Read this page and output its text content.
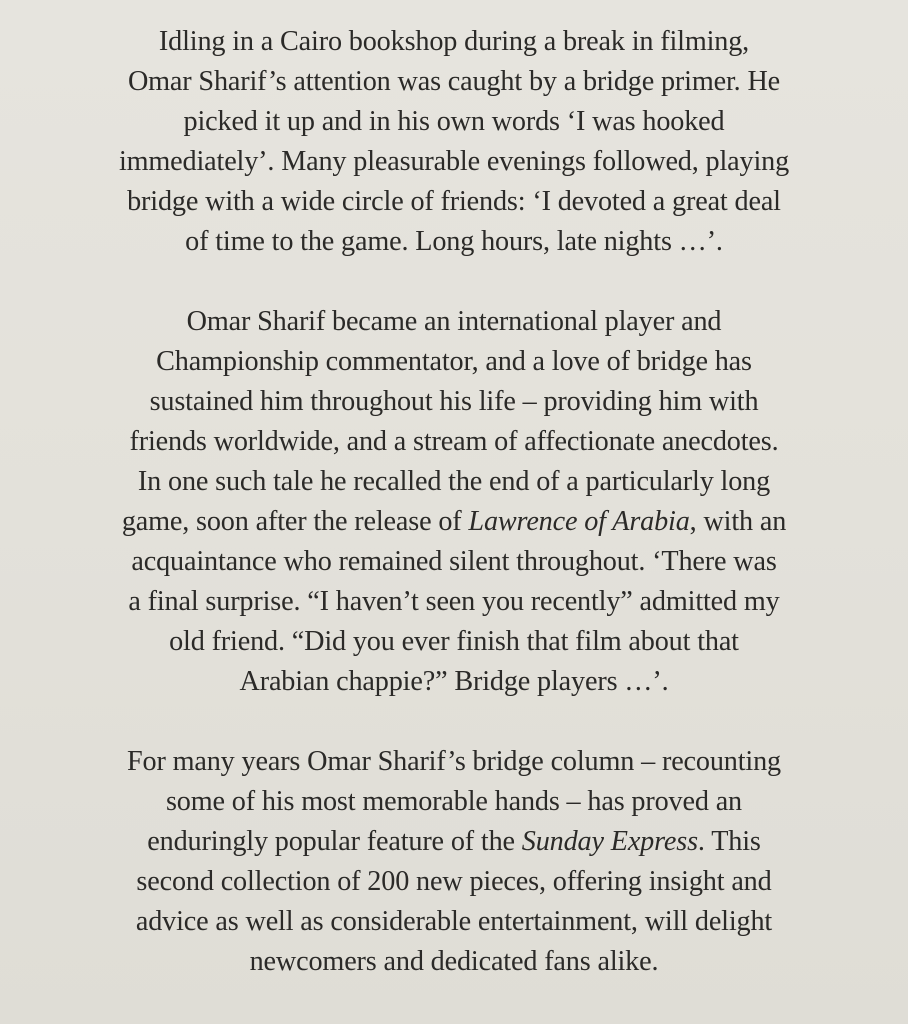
Idling in a Cairo bookshop during a break in filming,
Omar Sharif’s attention was caught by a bridge primer. He
picked it up and in his own words ‘I was hooked
immediately’. Many pleasurable evenings followed, playing
bridge with a wide circle of friends: ‘I devoted a great deal
of time to the game. Long hours, late nights …’.

Omar Sharif became an international player and
Championship commentator, and a love of bridge has
sustained him throughout his life – providing him with
friends worldwide, and a stream of affectionate anecdotes.
In one such tale he recalled the end of a particularly long
game, soon after the release of Lawrence of Arabia, with an
acquaintance who remained silent throughout. ‘There was
a final surprise. “I haven’t seen you recently” admitted my
old friend. “Did you ever finish that film about that
Arabian chappie?” Bridge players …’.

For many years Omar Sharif’s bridge column – recounting
some of his most memorable hands – has proved an
enduringly popular feature of the Sunday Express. This
second collection of 200 new pieces, offering insight and
advice as well as considerable entertainment, will delight
newcomers and dedicated fans alike.
